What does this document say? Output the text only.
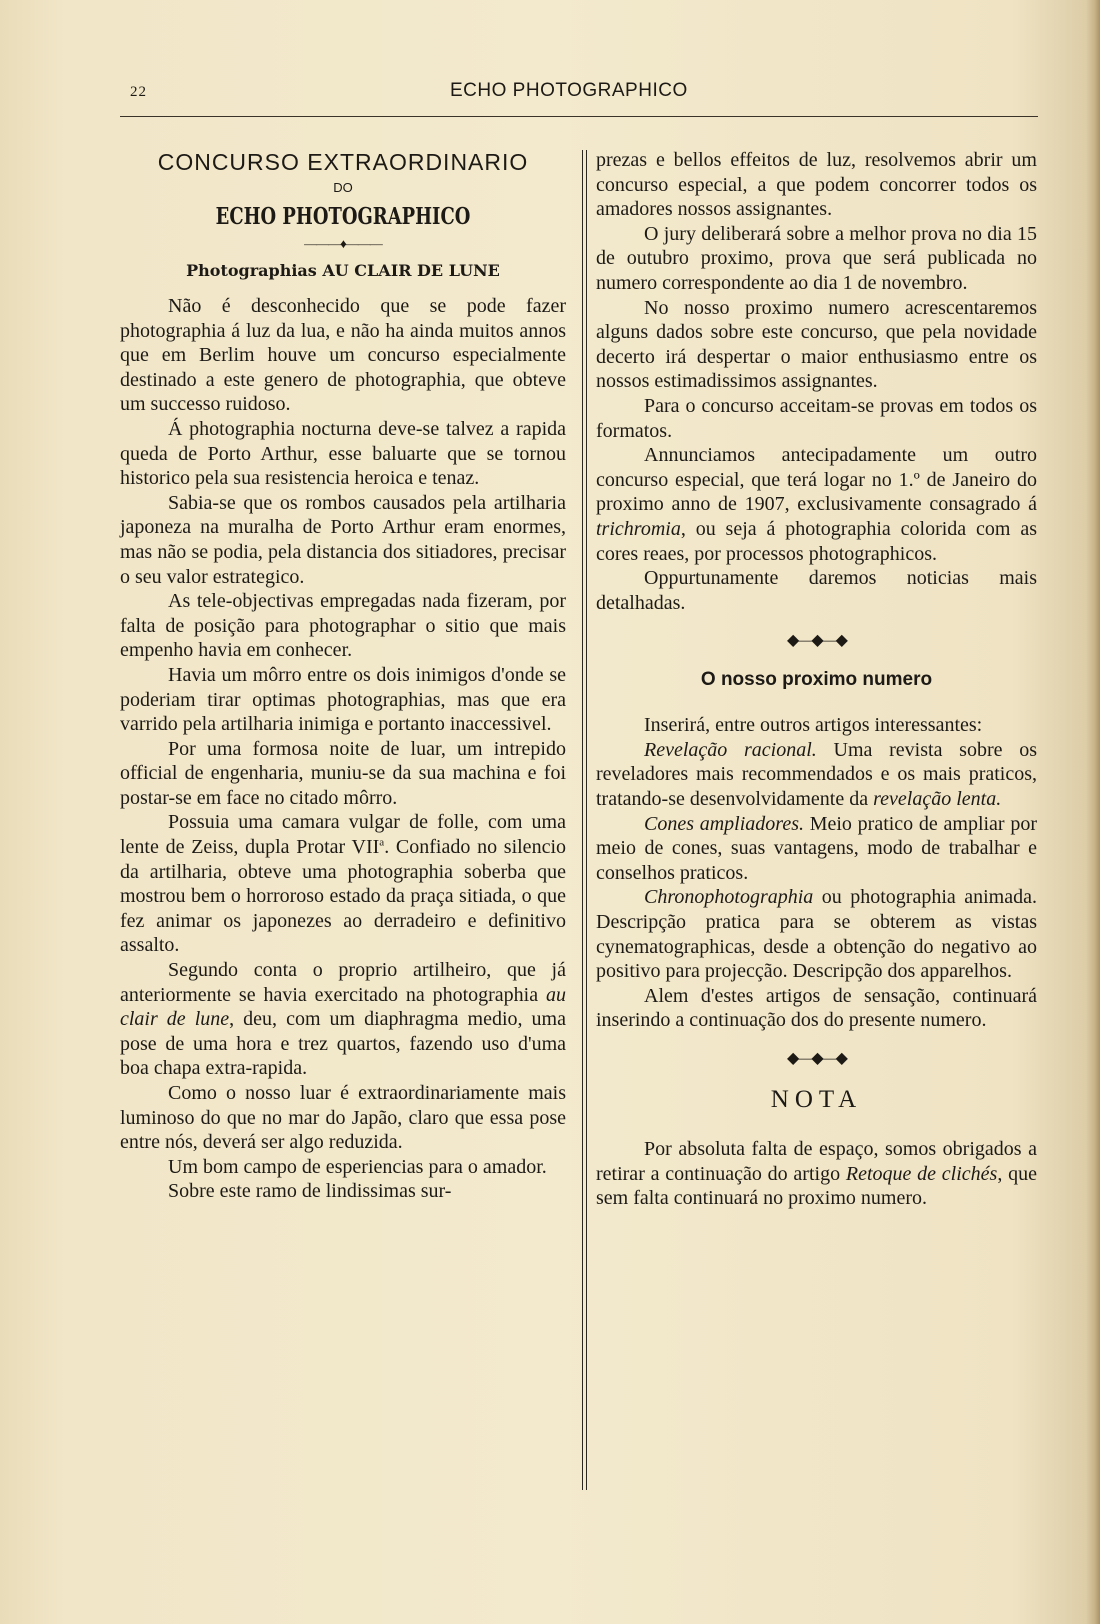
22	ECHO PHOTOGRAPHICO

CONCURSO EXTRAORDINARIO

DO

ECHO PHOTOGRAPHICO

———♦———

Photographias AU CLAIR DE LUNE

Não é desconhecido que se pode fazer photographia á luz da lua, e não ha ainda muitos annos que em Berlim houve um concurso especialmente destinado a este genero de photographia, que obteve um successo ruidoso.

Á photographia nocturna deve-se talvez a rapida queda de Porto Arthur, esse baluarte que se tornou historico pela sua resistencia heroica e tenaz.

Sabia-se que os rombos causados pela artilharia japoneza na muralha de Porto Arthur eram enormes, mas não se podia, pela distancia dos sitiadores, precisar o seu valor estrategico.

As tele-objectivas empregadas nada fizeram, por falta de posição para photographar o sitio que mais empenho havia em conhecer.

Havia um môrro entre os dois inimigos d'onde se poderiam tirar optimas photographias, mas que era varrido pela artilharia inimiga e portanto inaccessivel.

Por uma formosa noite de luar, um intrepido official de engenharia, muniu-se da sua machina e foi postar-se em face no citado môrro.

Possuia uma camara vulgar de folle, com uma lente de Zeiss, dupla Protar VII$^a$. Confiado no silencio da artilharia, obteve uma photographia soberba que mostrou bem o horroroso estado da praça sitiada, o que fez animar os japonezes ao derradeiro e definitivo assalto.

Segundo conta o proprio artilheiro, que já anteriormente se havia exercitado na photographia au clair de lune, deu, com um diaphragma medio, uma pose de uma hora e trez quartos, fazendo uso d'uma boa chapa extra-rapida.

Como o nosso luar é extraordinariamente mais luminoso do que no mar do Japão, claro que essa pose entre nós, deverá ser algo reduzida.

Um bom campo de esperiencias para o amador.

Sobre este ramo de lindissimas sur-

prezas e bellos effeitos de luz, resolvemos abrir um concurso especial, a que podem concorrer todos os amadores nossos assignantes.

O jury deliberará sobre a melhor prova no dia 15 de outubro proximo, prova que será publicada no numero correspondente ao dia 1 de novembro.

No nosso proximo numero acrescentaremos alguns dados sobre este concurso, que pela novidade decerto irá despertar o maior enthusiasmo entre os nossos estimadissimos assignantes.

Para o concurso acceitam-se provas em todos os formatos.

Annunciamos antecipadamente um outro concurso especial, que terá logar no 1.º de Janeiro do proximo anno de 1907, exclusivamente consagrado á trichromia, ou seja á photographia colorida com as cores reaes, por processos photographicos.

Oppurtunamente daremos noticias mais detalhadas.

◆—◆—◆

O nosso proximo numero

Inserirá, entre outros artigos interessantes:

Revelação racional. Uma revista sobre os reveladores mais recommendados e os mais praticos, tratando-se desenvolvidamente da revelação lenta.

Cones ampliadores. Meio pratico de ampliar por meio de cones, suas vantagens, modo de trabalhar e conselhos praticos.

Chronophotographia ou photographia animada. Descripção pratica para se obterem as vistas cynematographicas, desde a obtenção do negativo ao positivo para projecção. Descripção dos apparelhos.

Alem d'estes artigos de sensação, continuará inserindo a continuação dos do presente numero.

◆—◆—◆

NOTA

Por absoluta falta de espaço, somos obrigados a retirar a continuação do artigo Retoque de clichés, que sem falta continuará no proximo numero.
